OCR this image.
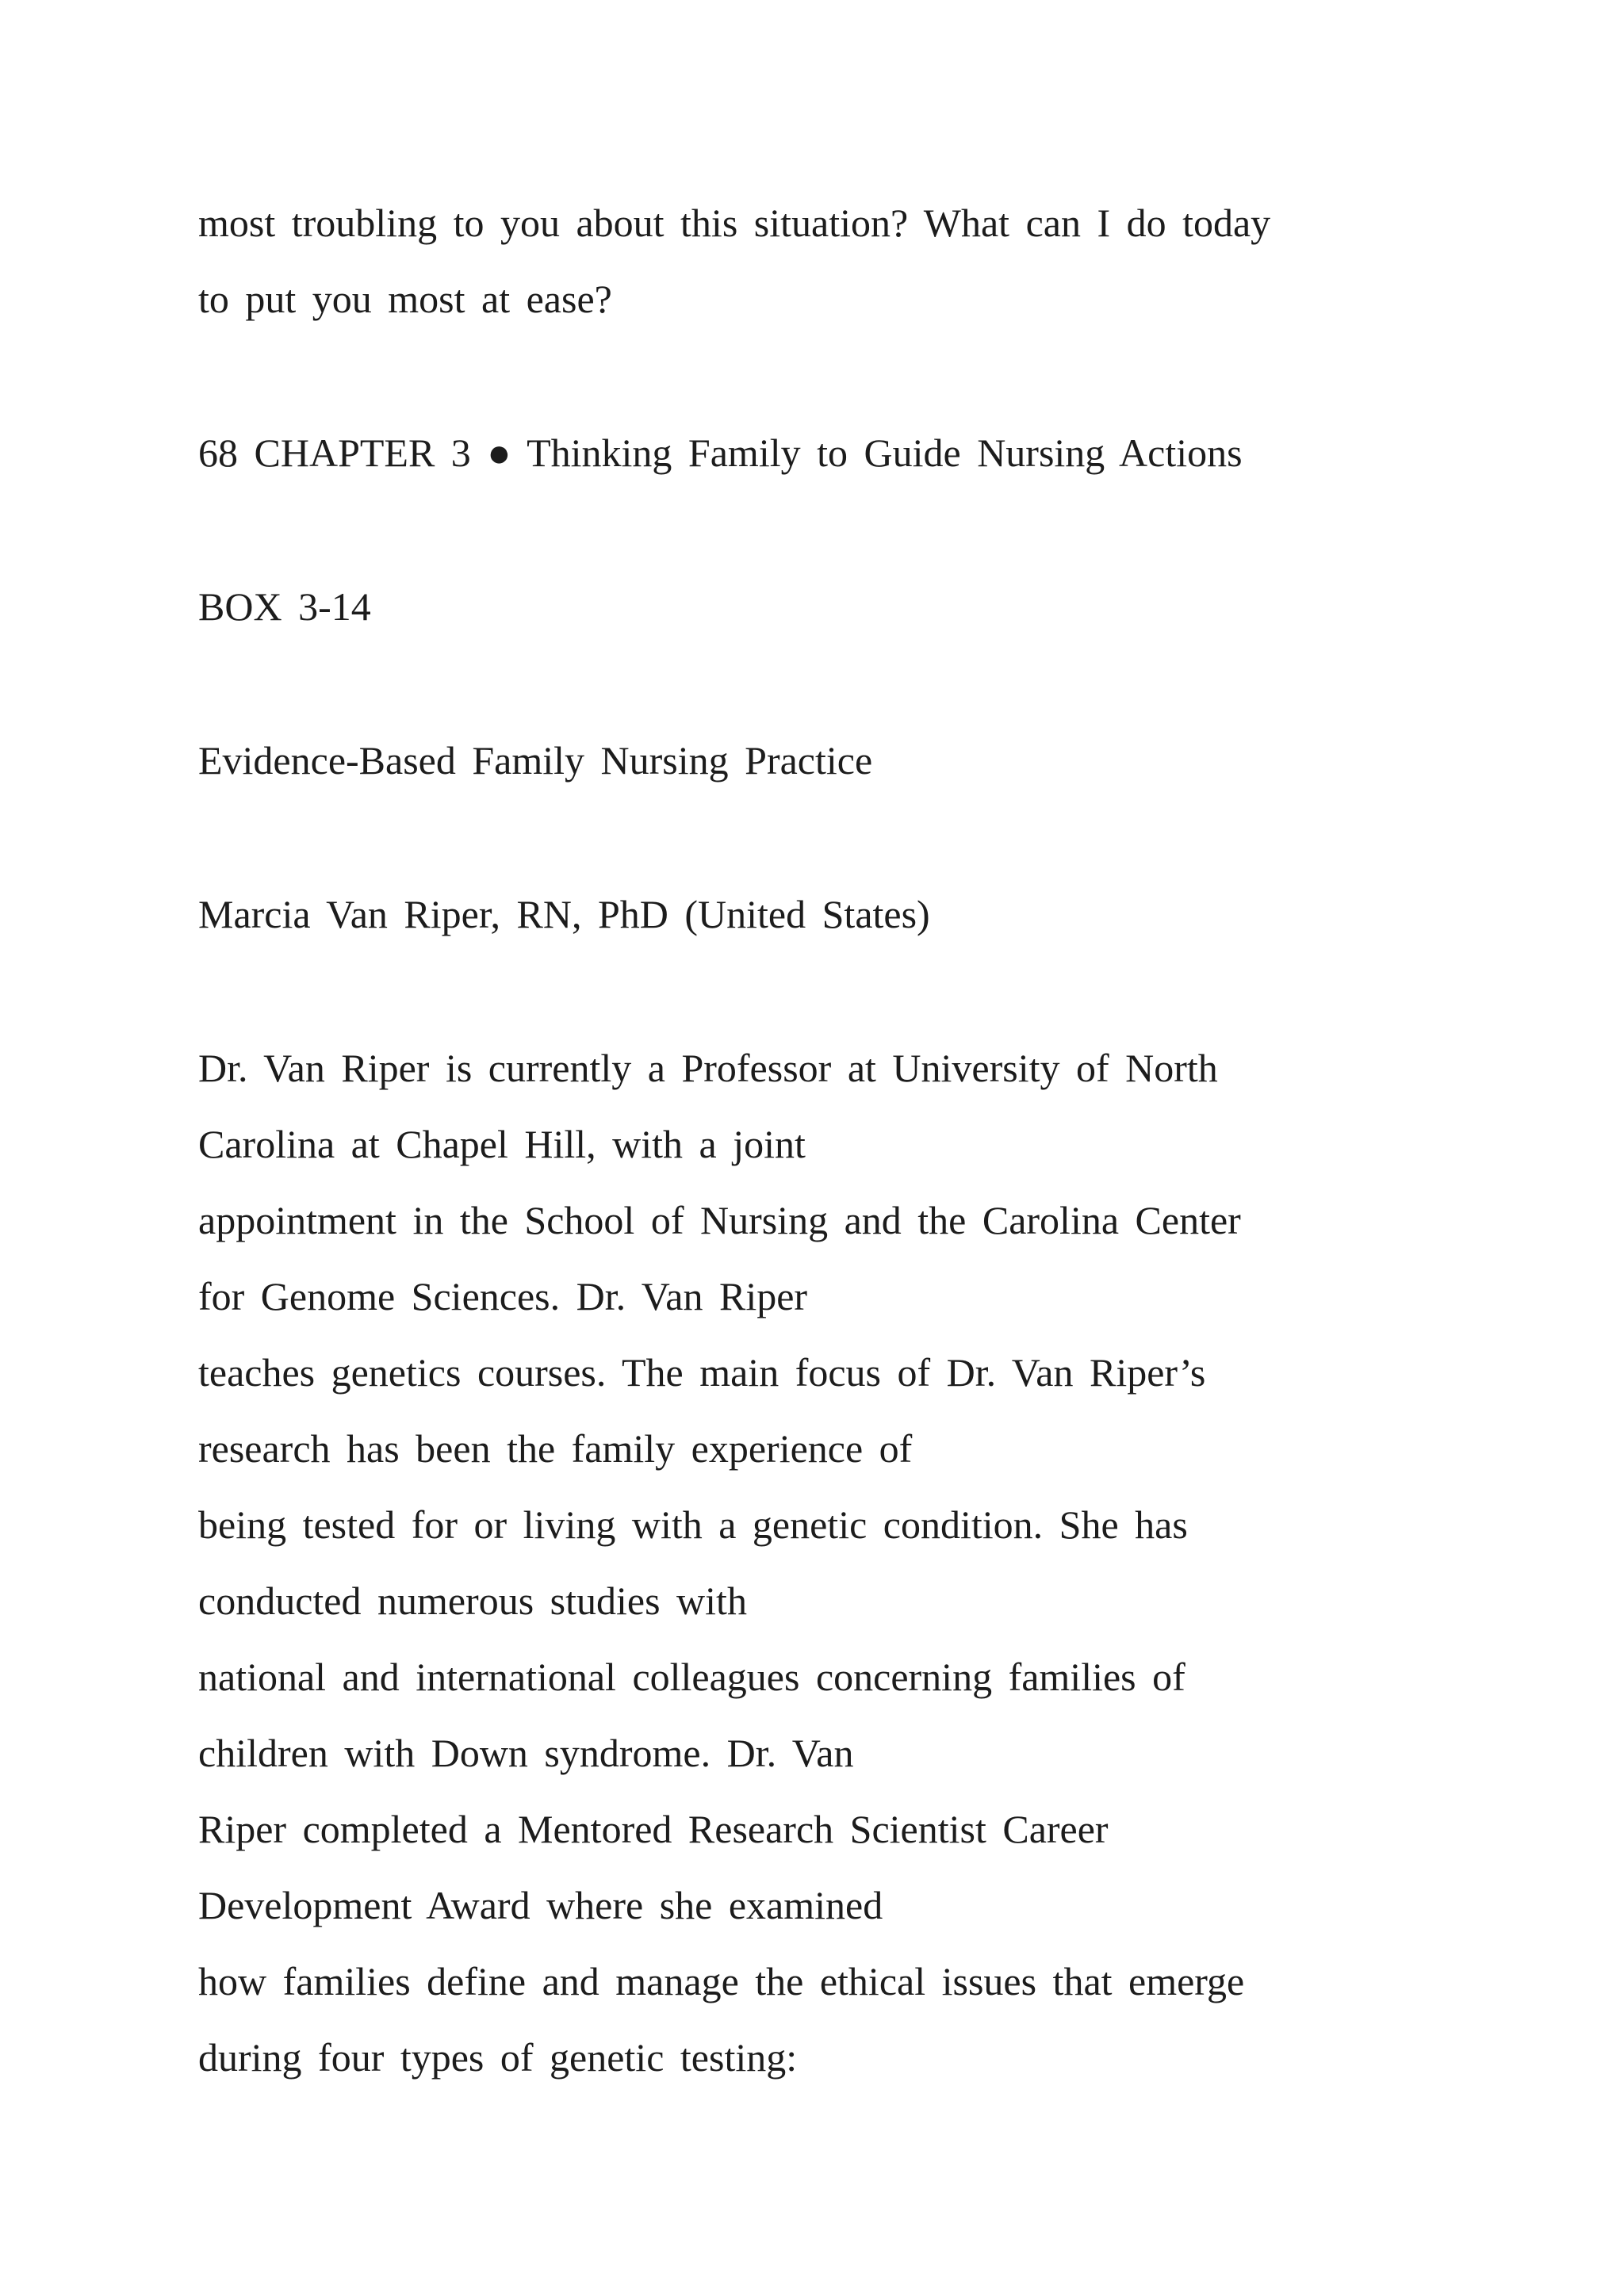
most troubling to you about this situation? What can I do today
to put you most at ease?
68 CHAPTER 3 ● Thinking Family to Guide Nursing Actions
BOX 3-14
Evidence-Based Family Nursing Practice
Marcia Van Riper, RN, PhD (United States)
Dr. Van Riper is currently a Professor at University of North
Carolina at Chapel Hill, with a joint
appointment in the School of Nursing and the Carolina Center
for Genome Sciences. Dr. Van Riper
teaches genetics courses. The main focus of Dr. Van Riper’s
research has been the family experience of
being tested for or living with a genetic condition. She has
conducted numerous studies with
national and international colleagues concerning families of
children with Down syndrome. Dr. Van
Riper completed a Mentored Research Scientist Career
Development Award where she examined
how families define and manage the ethical issues that emerge
during four types of genetic testing:
